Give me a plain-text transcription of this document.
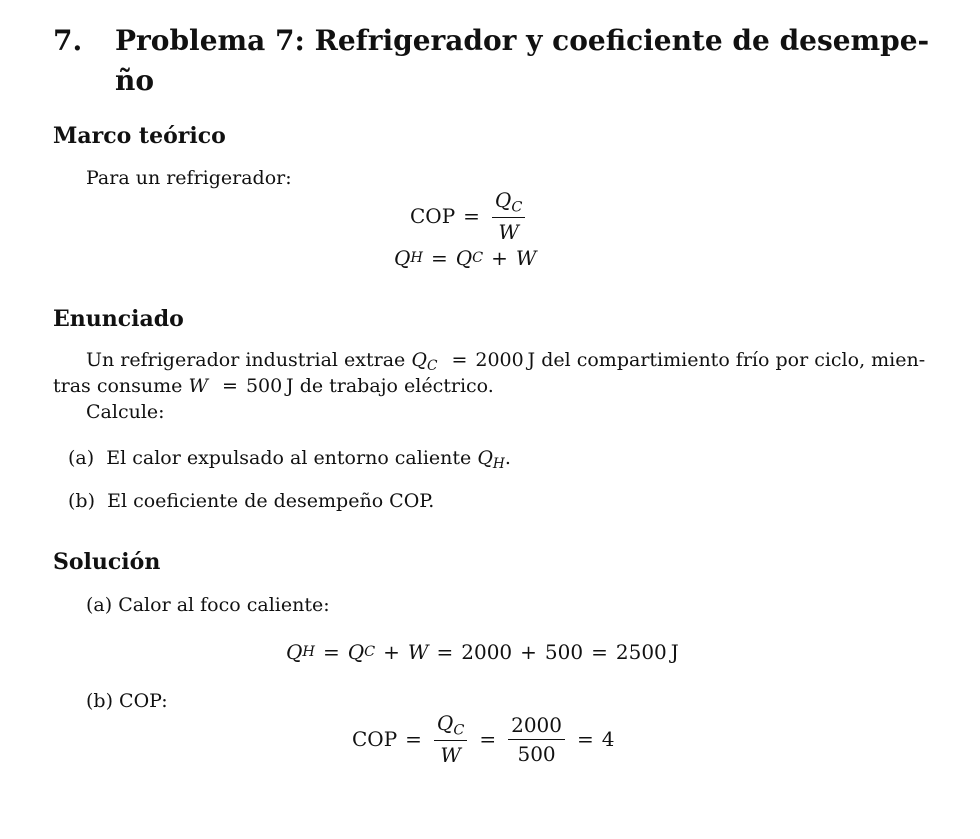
7. Problema 7: Refrigerador y coeficiente de desempe-
ño
Marco teórico
Para un refrigerador:
COP = $\frac{Q_C}{W}$
Q H = Q C + W
Enunciado
Un refrigerador industrial extrae $Q_C = 2000$  J del compartimiento frío por ciclo, mien-
tras consume W = 500  J de trabajo eléctrico.
Calcule:
(a) El calor expulsado al entorno caliente $Q_H$.
(b) El coeficiente de desempeño COP.
Solución
(a) Calor al foco caliente:
Q H = Q C + W = 2000 + 500 = 2500
  J
(b) COP:
COP = $\frac{Q_C}{W} = \frac{2000}{500} = 4$
